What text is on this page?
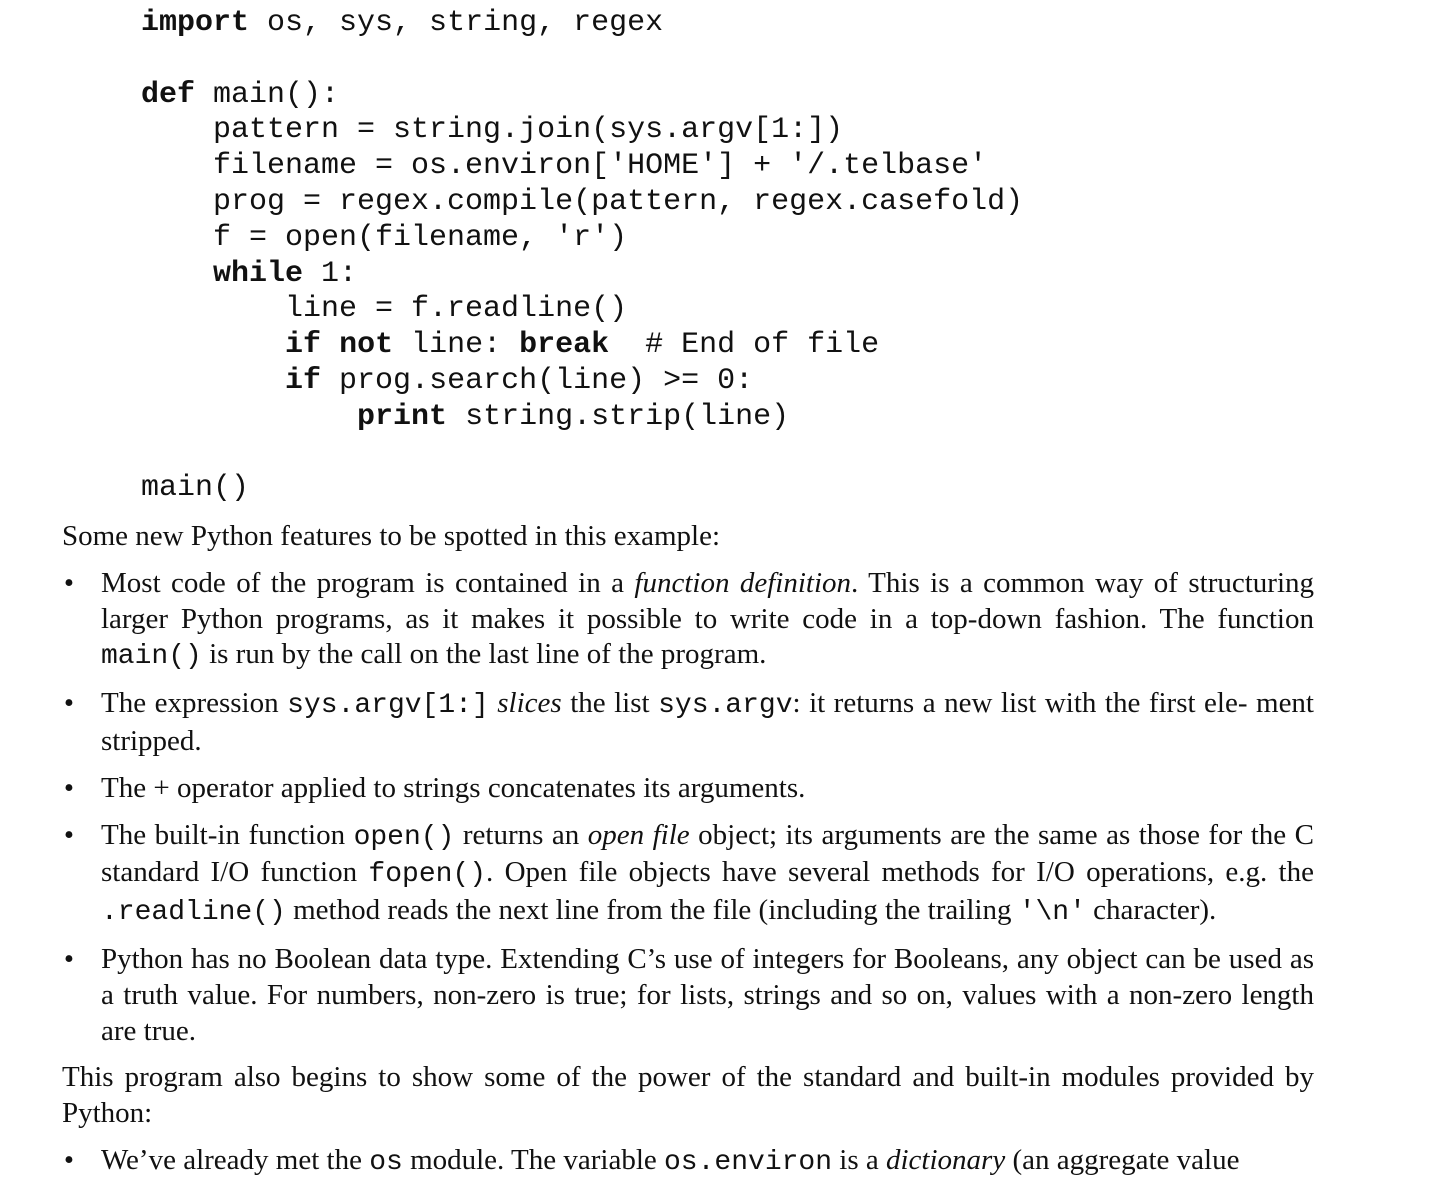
import os, sys, string, regex
def main():
pattern = string.join(sys.argv[1:])
filename = os.environ['HOME'] + '/.telbase'
prog = regex.compile(pattern, regex.casefold)
f = open(filename, 'r')
while 1:
line = f.readline()
if not line: break  # End of file
if prog.search(line) >= 0:
print string.strip(line)
main()

Some new Python features to be spotted in this example:

• Most code of the program is contained in a function definition. This is a common way of structuring larger Python programs, as it makes it possible to write code in a top-down fashion. The function main() is run by the call on the last line of the program.
• The expression sys.argv[1:] slices the list sys.argv: it returns a new list with the first ele- ment stripped.
• The + operator applied to strings concatenates its arguments.
• The built-in function open() returns an open file object; its arguments are the same as those for the C standard I/O function fopen(). Open file objects have several methods for I/O operations, e.g. the .readline() method reads the next line from the file (including the trailing '\n' character).
• Python has no Boolean data type. Extending C’s use of integers for Booleans, any object can be used as a truth value. For numbers, non-zero is true; for lists, strings and so on, values with a non-zero length are true.

This program also begins to show some of the power of the standard and built-in modules provided by Python:

• We’ve already met the os module. The variable os.environ is a dictionary (an aggregate value
